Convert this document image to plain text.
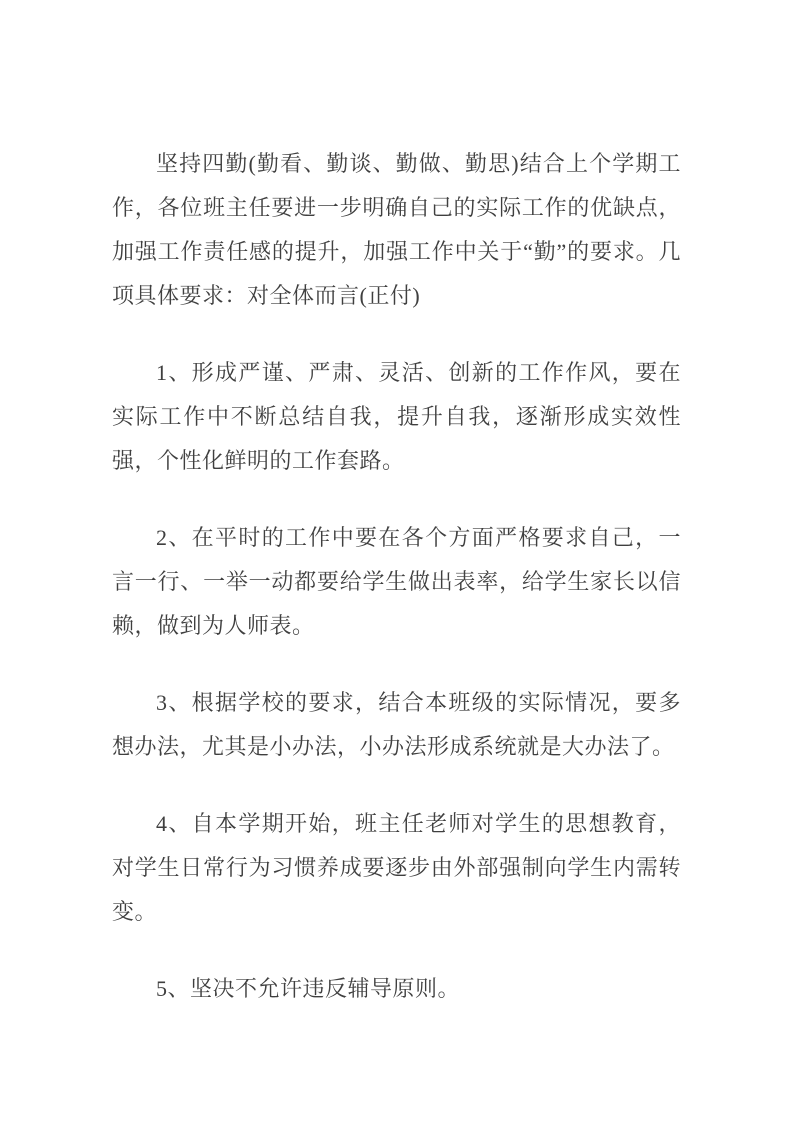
坚持四勤(勤看、勤谈、勤做、勤思)结合上个学期工作，各位班主任要进一步明确自己的实际工作的优缺点，加强工作责任感的提升，加强工作中关于“勤”的要求。几项具体要求：对全体而言(正付)

1、形成严谨、严肃、灵活、创新的工作作风，要在实际工作中不断总结自我，提升自我，逐渐形成实效性强，个性化鲜明的工作套路。

2、在平时的工作中要在各个方面严格要求自己，一言一行、一举一动都要给学生做出表率，给学生家长以信赖，做到为人师表。

3、根据学校的要求，结合本班级的实际情况，要多想办法，尤其是小办法，小办法形成系统就是大办法了。

4、自本学期开始，班主任老师对学生的思想教育，对学生日常行为习惯养成要逐步由外部强制向学生内需转变。

5、坚决不允许违反辅导原则。
